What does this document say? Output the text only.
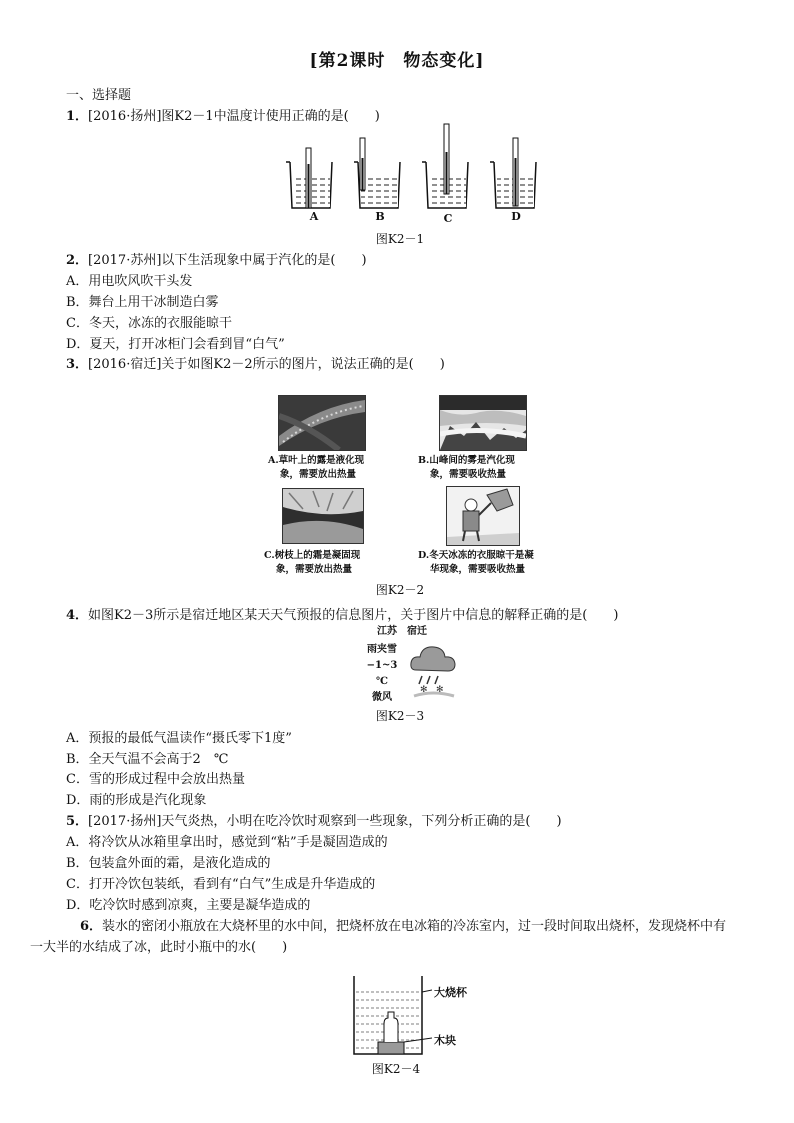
[第2课时　物态变化]
一、选择题
1．[2016·扬州]图K2－1中温度计使用正确的是(　　)
A	B	C	D
图K2－1
2．[2017·苏州]以下生活现象中属于汽化的是(　　)
A．用电吹风吹干头发
B．舞台上用干冰制造白雾
C．冬天，冰冻的衣服能晾干
D．夏天，打开冰柜门会看到冒“白气”
3．[2016·宿迁]关于如图K2－2所示的图片，说法正确的是(　　)
A.草叶上的露是液化现
象，需要放出热量
B.山峰间的雾是汽化现
象，需要吸收热量
C.树枝上的霜是凝固现
象，需要放出热量
D.冬天冰冻的衣服晾干是凝
华现象，需要吸收热量
图K2－2
4．如图K2－3所示是宿迁地区某天天气预报的信息图片，关于图片中信息的解释正确的是(　　)
江苏　宿迁
雨夹雪
−1~3 ℃
微风
✻ ✻
图K2－3
A．预报的最低气温读作“摄氏零下1度”
B．全天气温不会高于2　℃
C．雪的形成过程中会放出热量
D．雨的形成是汽化现象
5．[2017·扬州]天气炎热，小明在吃冷饮时观察到一些现象，下列分析正确的是(　　)
A．将冷饮从冰箱里拿出时，感觉到“粘”手是凝固造成的
B．包装盒外面的霜，是液化造成的
C．打开冷饮包装纸，看到有“白气”生成是升华造成的
D．吃冷饮时感到凉爽，主要是凝华造成的
6．装水的密闭小瓶放在大烧杯里的水中间，把烧杯放在电冰箱的冷冻室内，过一段时间取出烧杯，发现烧杯中有
一大半的水结成了冰，此时小瓶中的水(　　)
大烧杯
木块
图K2－4
